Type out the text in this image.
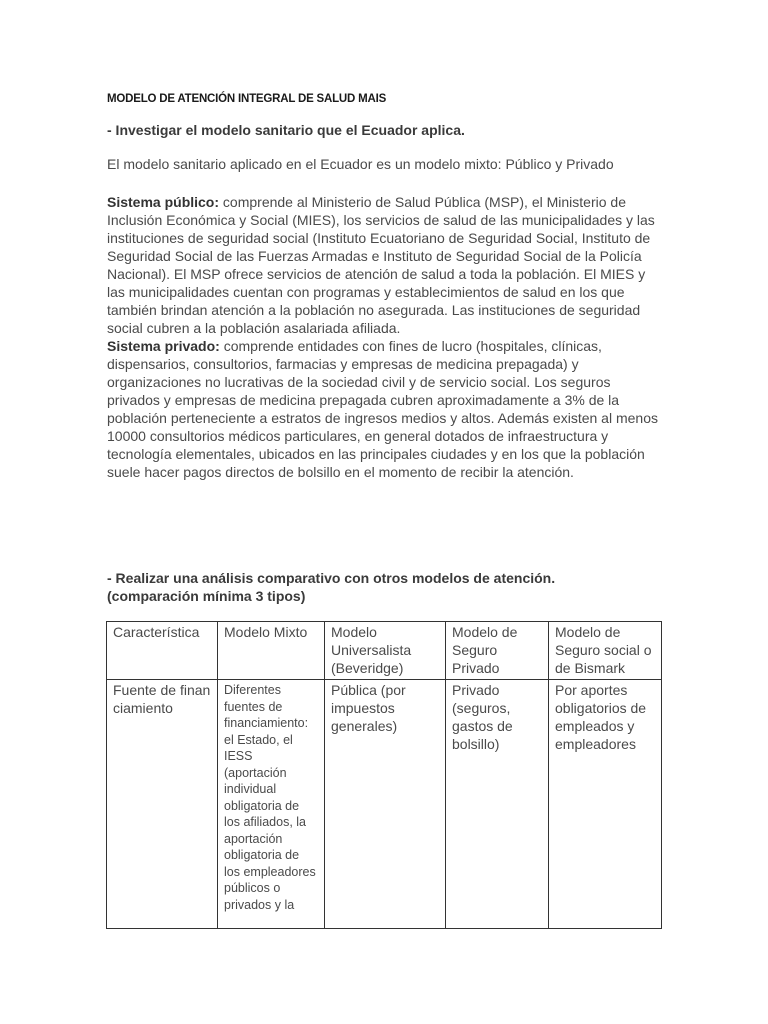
MODELO DE ATENCIÓN INTEGRAL DE SALUD MAIS
- Investigar el modelo sanitario que el Ecuador aplica.
El modelo sanitario aplicado en el Ecuador es un modelo mixto: Público y Privado

Sistema público: comprende al Ministerio de Salud Pública (MSP), el Ministerio de Inclusión Económica y Social (MIES), los servicios de salud de las municipalidades y las instituciones de seguridad social (Instituto Ecuatoriano de Seguridad Social, Instituto de Seguridad Social de las Fuerzas Armadas e Instituto de Seguridad Social de la Policía Nacional). El MSP ofrece servicios de atención de salud a toda la población. El MIES y las municipalidades cuentan con programas y establecimientos de salud en los que también brindan atención a la población no asegurada. Las instituciones de seguridad social cubren a la población asalariada afiliada.

Sistema privado: comprende entidades con fines de lucro (hospitales, clínicas, dispensarios, consultorios, farmacias y empresas de medicina prepagada) y organizaciones no lucrativas de la sociedad civil y de servicio social. Los seguros privados y empresas de medicina prepagada cubren aproximadamente a 3% de la población perteneciente a estratos de ingresos medios y altos. Además existen al menos 10000 consultorios médicos particulares, en general dotados de infraestructura y tecnología elementales, ubicados en las principales ciudades y en los que la población suele hacer pagos directos de bolsillo en el momento de recibir la atención.

- Realizar una análisis comparativo con otros modelos de atención. (comparación mínima 3 tipos)
Característica	Modelo Mixto	Modelo Universalista (Beveridge)	Modelo de Seguro Privado	Modelo de Seguro social o de Bismark
Fuente de financiamiento	Diferentes fuentes de financiamiento: el Estado, el IESS (aportación individual obligatoria de los afiliados, la aportación obligatoria de los empleadores públicos o privados y la	Pública (por impuestos generales)	Privado (seguros, gastos de bolsillo)	Por aportes obligatorios de empleados y empleadores
